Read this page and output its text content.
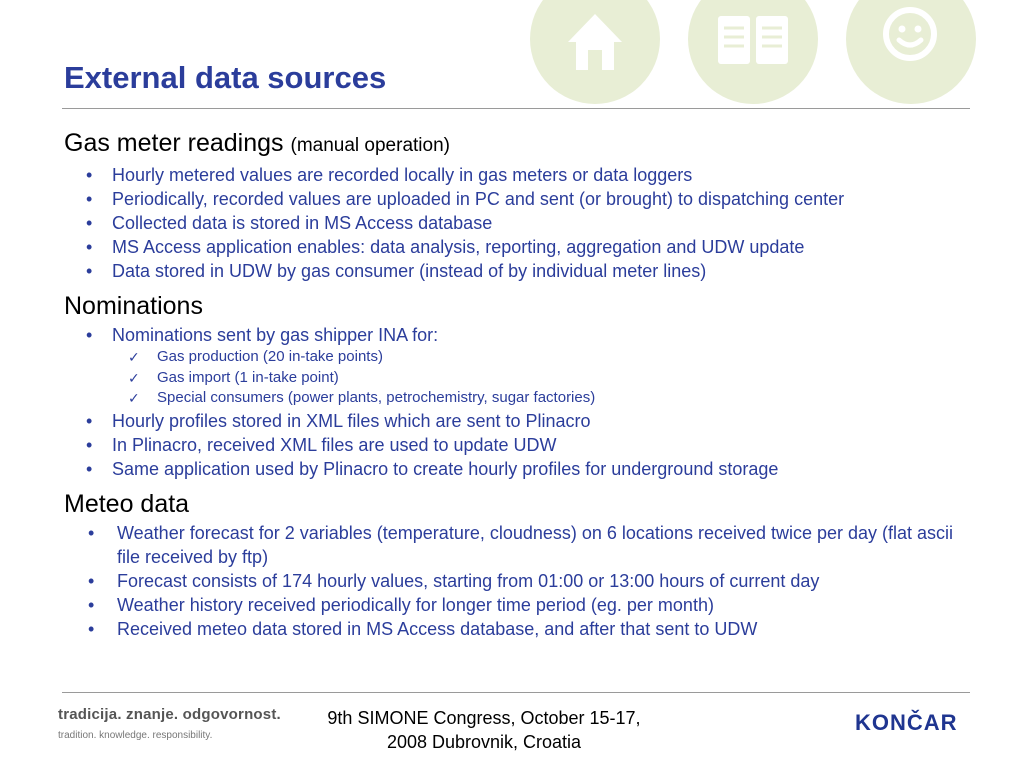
External data sources
Gas meter readings (manual operation)
• Hourly metered values are recorded locally in gas meters or data loggers
• Periodically, recorded values are uploaded in PC and sent (or brought) to dispatching center
• Collected data is stored in MS Access database
• MS Access application enables: data analysis, reporting, aggregation and UDW update
• Data stored in UDW by gas consumer (instead of by individual meter lines)
Nominations
• Nominations sent by gas shipper INA for:
✓ Gas production (20 in-take points)
✓ Gas import (1 in-take point)
✓ Special consumers (power plants, petrochemistry, sugar factories)
• Hourly profiles stored in XML files which are sent to Plinacro
• In Plinacro, received XML files are used to update UDW
• Same application used by Plinacro to create hourly profiles for underground storage
Meteo data
• Weather forecast for 2 variables (temperature, cloudness) on 6 locations received twice per day (flat ascii file received by ftp)
• Forecast consists of 174 hourly values, starting from 01:00 or 13:00 hours of current day
• Weather history received periodically for longer time period (eg. per month)
• Received meteo data stored in MS Access database, and after that sent to UDW
tradicija. znanje. odgovornost.
tradition. knowledge. responsibility.
9th SIMONE Congress, October 15-17,
2008 Dubrovnik, Croatia
KONČAR
